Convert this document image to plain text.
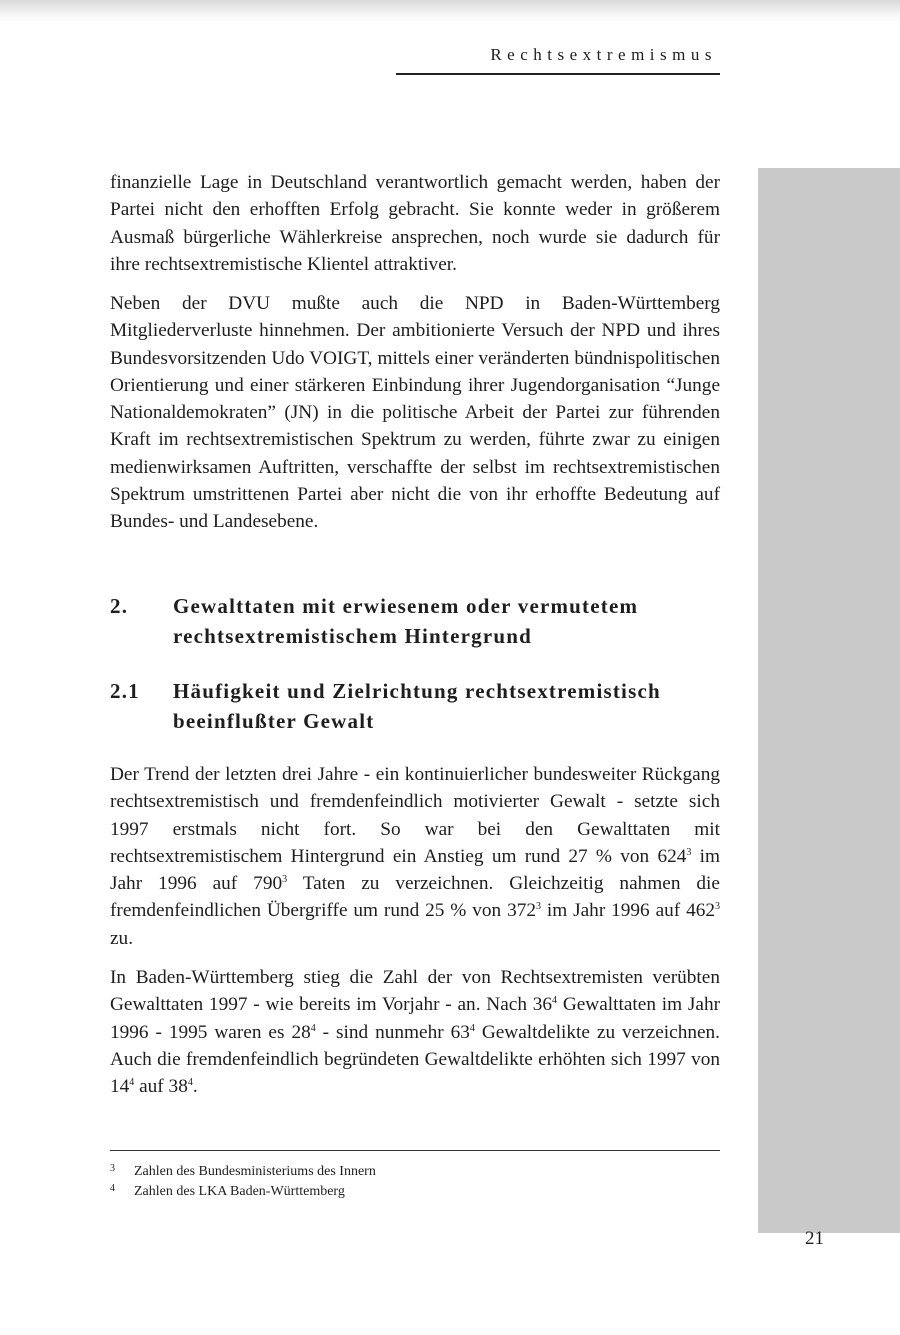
Rechtsextremismus

finanzielle Lage in Deutschland verantwortlich gemacht werden, haben der Partei nicht den erhofften Erfolg gebracht. Sie konnte weder in größerem Ausmaß bürgerliche Wählerkreise ansprechen, noch wurde sie dadurch für ihre rechtsextremistische Klientel attraktiver.

Neben der DVU mußte auch die NPD in Baden-Württemberg Mitgliederverluste hinnehmen. Der ambitionierte Versuch der NPD und ihres Bundesvorsitzenden Udo VOIGT, mittels einer veränderten bündnispolitischen Orientierung und einer stärkeren Einbindung ihrer Jugendorganisation “Junge Nationaldemokraten” (JN) in die politische Arbeit der Partei zur führenden Kraft im rechtsextremistischen Spektrum zu werden, führte zwar zu einigen medienwirksamen Auftritten, verschaffte der selbst im rechtsextremistischen Spektrum umstrittenen Partei aber nicht die von ihr erhoffte Bedeutung auf Bundes- und Landesebene.

2. Gewalttaten mit erwiesenem oder vermutetem rechtsextremistischem Hintergrund
2.1 Häufigkeit und Zielrichtung rechtsextremistisch beeinflußter Gewalt

Der Trend der letzten drei Jahre - ein kontinuierlicher bundesweiter Rückgang rechtsextremistisch und fremdenfeindlich motivierter Gewalt - setzte sich 1997 erstmals nicht fort. So war bei den Gewalttaten mit rechtsextremistischem Hintergrund ein Anstieg um rund 27 % von $624^3$ im Jahr 1996 auf $790^3$ Taten zu verzeichnen. Gleichzeitig nahmen die fremdenfeindlichen Übergriffe um rund 25 % von $372^3$ im Jahr 1996 auf $462^3$ zu.

In Baden-Württemberg stieg die Zahl der von Rechtsextremisten verübten Gewalttaten 1997 - wie bereits im Vorjahr - an. Nach $36^4$ Gewalttaten im Jahr 1996 - 1995 waren es $28^4$ - sind nunmehr $63^4$ Gewaltdelikte zu verzeichnen. Auch die fremdenfeindlich begründeten Gewaltdelikte erhöhten sich 1997 von $14^4$ auf $38^4$.

3 Zahlen des Bundesministeriums des Innern
4 Zahlen des LKA Baden-Württemberg
21
